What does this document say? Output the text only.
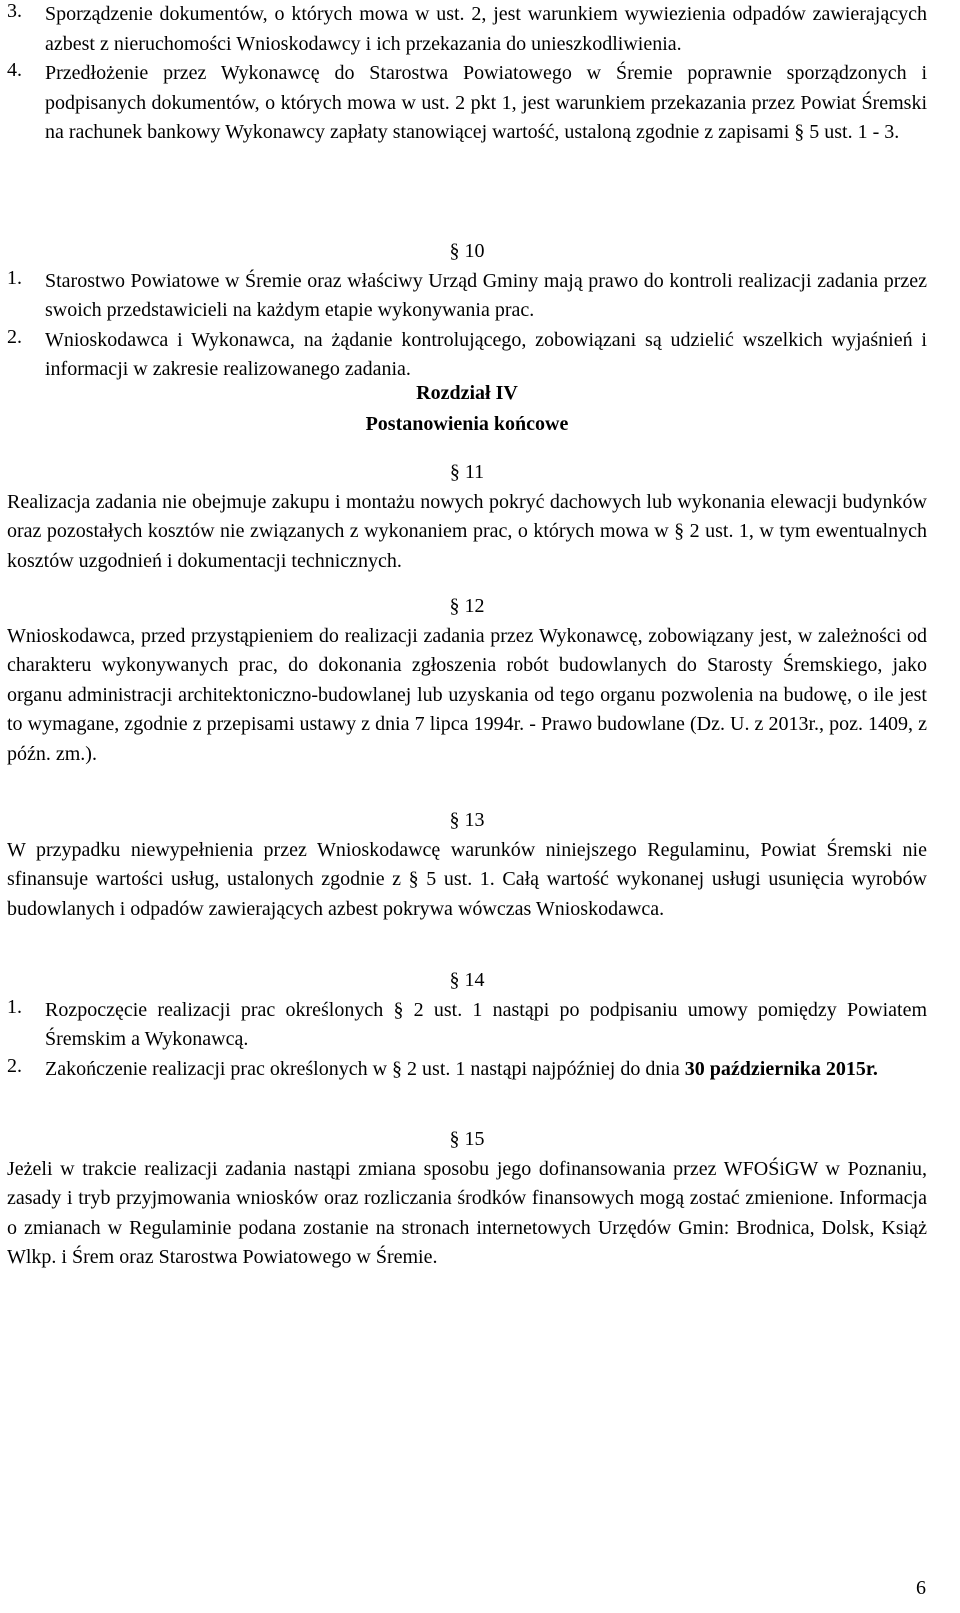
3.	Sporządzenie dokumentów, o których mowa w ust. 2, jest warunkiem wywiezienia odpadów zawierających azbest z nieruchomości Wnioskodawcy i ich przekazania do unieszkodliwienia.
4.	Przedłożenie przez Wykonawcę do Starostwa Powiatowego w Śremie poprawnie sporządzonych i podpisanych dokumentów, o których mowa w ust. 2 pkt 1, jest warunkiem przekazania przez Powiat Śremski na rachunek bankowy Wykonawcy zapłaty stanowiącej wartość, ustaloną zgodnie z zapisami § 5 ust. 1 - 3.
§ 10
1.	Starostwo Powiatowe w Śremie oraz właściwy Urząd Gminy mają prawo do kontroli realizacji zadania przez swoich przedstawicieli na każdym etapie wykonywania prac.
2.	Wnioskodawca i Wykonawca, na żądanie kontrolującego, zobowiązani są udzielić wszelkich wyjaśnień i informacji w zakresie realizowanego zadania.
Rozdział IV
Postanowienia końcowe
§ 11
Realizacja zadania nie obejmuje zakupu i montażu nowych pokryć dachowych lub wykonania elewacji budynków oraz pozostałych kosztów nie związanych z wykonaniem prac, o których mowa w § 2 ust. 1, w tym ewentualnych kosztów uzgodnień i dokumentacji technicznych.
§ 12
Wnioskodawca, przed przystąpieniem do realizacji zadania przez Wykonawcę, zobowiązany jest, w zależności od charakteru wykonywanych prac, do dokonania zgłoszenia robót budowlanych do Starosty Śremskiego, jako organu administracji architektoniczno-budowlanej lub uzyskania od tego organu pozwolenia na budowę, o ile jest to wymagane, zgodnie z przepisami ustawy z dnia 7 lipca 1994r. - Prawo budowlane (Dz. U. z 2013r., poz. 1409, z późn. zm.).
§ 13
W przypadku niewypełnienia przez Wnioskodawcę warunków niniejszego Regulaminu, Powiat Śremski nie sfinansuje wartości usług, ustalonych zgodnie z § 5 ust. 1. Całą wartość wykonanej usługi usunięcia wyrobów budowlanych i odpadów zawierających azbest pokrywa wówczas Wnioskodawca.
§ 14
1.	Rozpoczęcie realizacji prac określonych § 2 ust. 1 nastąpi po podpisaniu umowy pomiędzy Powiatem Śremskim a Wykonawcą.
2.	Zakończenie realizacji prac określonych w § 2 ust. 1 nastąpi najpóźniej do dnia 30 października 2015r.
§ 15
Jeżeli w trakcie realizacji zadania nastąpi zmiana sposobu jego dofinansowania przez WFOŚiGW w Poznaniu, zasady i tryb przyjmowania wniosków oraz rozliczania środków finansowych mogą zostać zmienione. Informacja o zmianach w Regulaminie podana zostanie na stronach internetowych Urzędów Gmin: Brodnica, Dolsk, Książ Wlkp. i Śrem oraz Starostwa Powiatowego w Śremie.
6
